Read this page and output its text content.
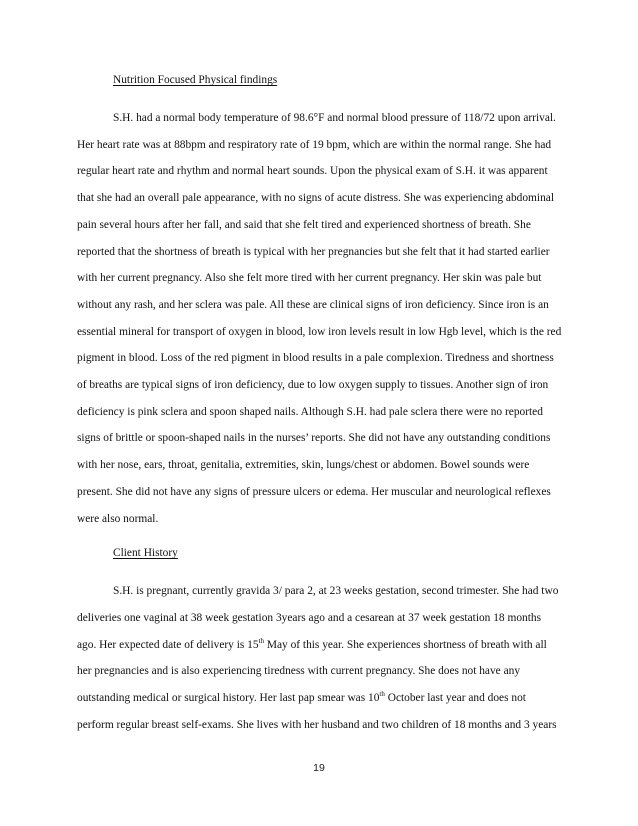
Nutrition Focused Physical findings

S.H. had a normal body temperature of 98.6°F and normal blood pressure of 118/72 upon arrival.
Her heart rate was at 88bpm and respiratory rate of 19 bpm, which are within the normal range. She had
regular heart rate and rhythm and normal heart sounds. Upon the physical exam of S.H. it was apparent
that she had an overall pale appearance, with no signs of acute distress. She was experiencing abdominal
pain several hours after her fall, and said that she felt tired and experienced shortness of breath. She
reported that the shortness of breath is typical with her pregnancies but she felt that it had started earlier
with her current pregnancy. Also she felt more tired with her current pregnancy. Her skin was pale but
without any rash, and her sclera was pale. All these are clinical signs of iron deficiency. Since iron is an
essential mineral for transport of oxygen in blood, low iron levels result in low Hgb level, which is the red
pigment in blood. Loss of the red pigment in blood results in a pale complexion. Tiredness and shortness
of breaths are typical signs of iron deficiency, due to low oxygen supply to tissues. Another sign of iron
deficiency is pink sclera and spoon shaped nails. Although S.H. had pale sclera there were no reported
signs of brittle or spoon-shaped nails in the nurses’ reports. She did not have any outstanding conditions
with her nose, ears, throat, genitalia, extremities, skin, lungs/chest or abdomen. Bowel sounds were
present. She did not have any signs of pressure ulcers or edema. Her muscular and neurological reflexes
were also normal.

Client History

S.H. is pregnant, currently gravida 3/ para 2, at 23 weeks gestation, second trimester. She had two
deliveries one vaginal at 38 week gestation 3years ago and a cesarean at 37 week gestation 18 months
ago. Her expected date of delivery is 15th May of this year. She experiences shortness of breath with all
her pregnancies and is also experiencing tiredness with current pregnancy. She does not have any
outstanding medical or surgical history. Her last pap smear was 10th October last year and does not
perform regular breast self-exams. She lives with her husband and two children of 18 months and 3 years
19
